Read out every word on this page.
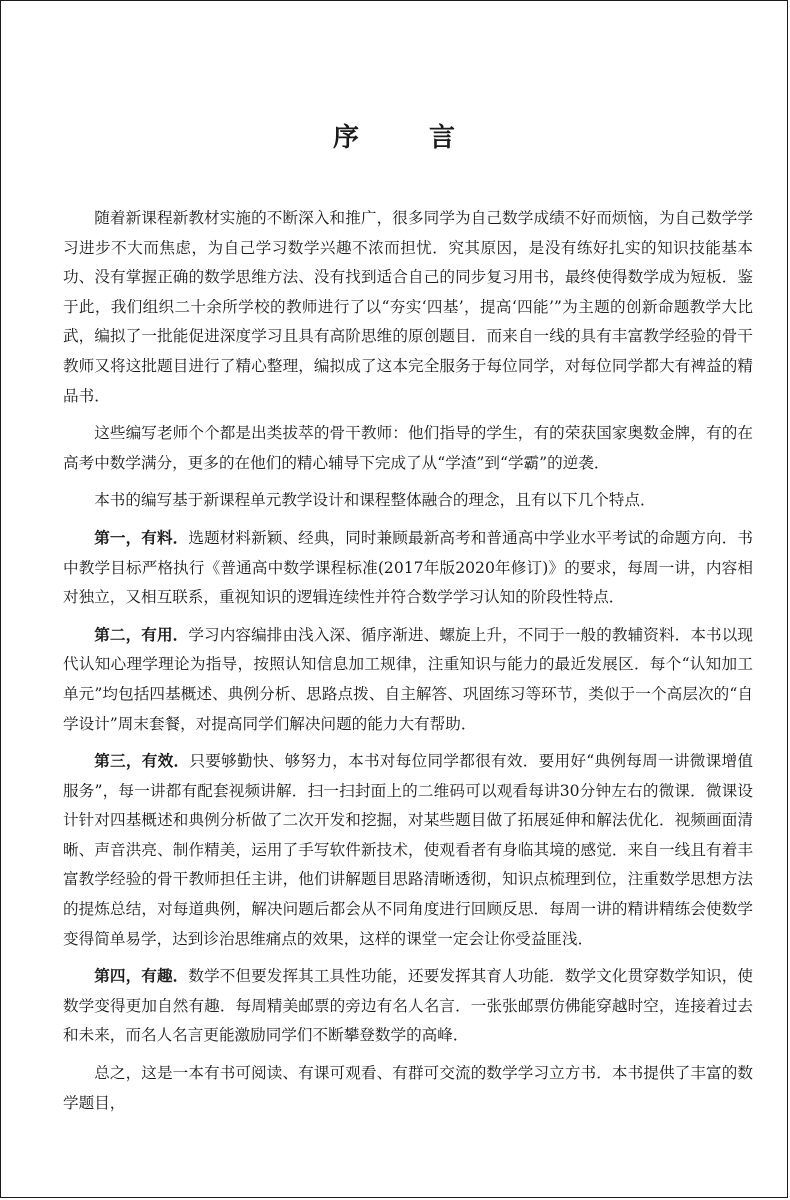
序　言

随着新课程新教材实施的不断深入和推广，很多同学为自己数学成绩不好而烦恼，为自己数学学习进步不大而焦虑，为自己学习数学兴趣不浓而担忧．究其原因，是没有练好扎实的知识技能基本功、没有掌握正确的数学思维方法、没有找到适合自己的同步复习用书，最终使得数学成为短板．鉴于此，我们组织二十余所学校的教师进行了以“夯实‘四基’，提高‘四能’”为主题的创新命题教学大比武，编拟了一批能促进深度学习且具有高阶思维的原创题目．而来自一线的具有丰富教学经验的骨干教师又将这批题目进行了精心整理，编拟成了这本完全服务于每位同学，对每位同学都大有裨益的精品书．

这些编写老师个个都是出类拔萃的骨干教师：他们指导的学生，有的荣获国家奥数金牌，有的在高考中数学满分，更多的在他们的精心辅导下完成了从“学渣”到“学霸”的逆袭．

本书的编写基于新课程单元教学设计和课程整体融合的理念，且有以下几个特点．

第一，有料．选题材料新颖、经典，同时兼顾最新高考和普通高中学业水平考试的命题方向．书中教学目标严格执行《普通高中数学课程标准(2017年版2020年修订)》的要求，每周一讲，内容相对独立，又相互联系，重视知识的逻辑连续性并符合数学学习认知的阶段性特点．

第二，有用．学习内容编排由浅入深、循序渐进、螺旋上升，不同于一般的教辅资料．本书以现代认知心理学理论为指导，按照认知信息加工规律，注重知识与能力的最近发展区．每个“认知加工单元”均包括四基概述、典例分析、思路点拨、自主解答、巩固练习等环节，类似于一个高层次的“自学设计”周末套餐，对提高同学们解决问题的能力大有帮助．

第三，有效．只要够勤快、够努力，本书对每位同学都很有效．要用好“典例每周一讲微课增值服务”，每一讲都有配套视频讲解．扫一扫封面上的二维码可以观看每讲30分钟左右的微课．微课设计针对四基概述和典例分析做了二次开发和挖掘，对某些题目做了拓展延伸和解法优化．视频画面清晰、声音洪亮、制作精美，运用了手写软件新技术，使观看者有身临其境的感觉．来自一线且有着丰富教学经验的骨干教师担任主讲，他们讲解题目思路清晰透彻，知识点梳理到位，注重数学思想方法的提炼总结，对每道典例，解决问题后都会从不同角度进行回顾反思．每周一讲的精讲精练会使数学变得简单易学，达到诊治思维痛点的效果，这样的课堂一定会让你受益匪浅．

第四，有趣．数学不但要发挥其工具性功能，还要发挥其育人功能．数学文化贯穿数学知识，使数学变得更加自然有趣．每周精美邮票的旁边有名人名言．一张张邮票仿佛能穿越时空，连接着过去和未来，而名人名言更能激励同学们不断攀登数学的高峰．

总之，这是一本有书可阅读、有课可观看、有群可交流的数学学习立方书．本书提供了丰富的数学题目，
